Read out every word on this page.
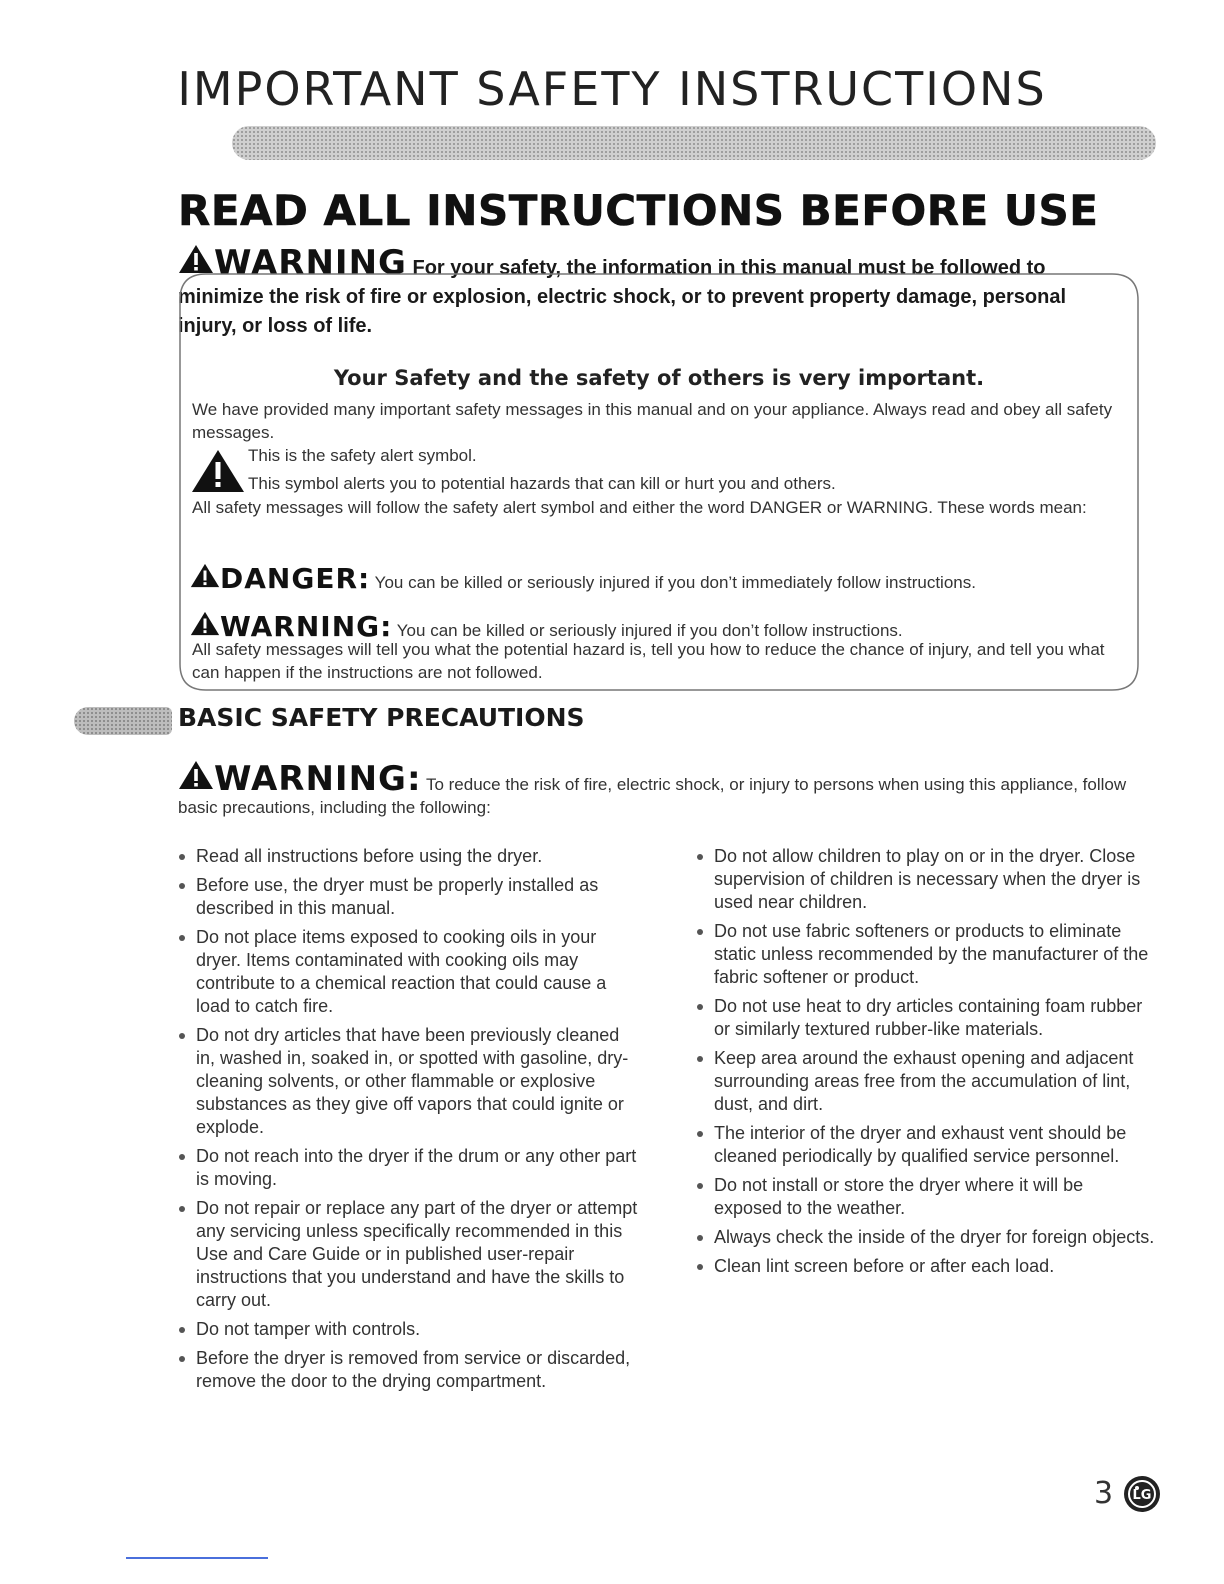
IMPORTANT SAFETY INSTRUCTIONS
READ ALL INSTRUCTIONS BEFORE USE
WARNING For your safety, the information in this manual must be followed to minimize the risk of fire or explosion, electric shock, or to prevent property damage, personal injury, or loss of life.
Your Safety and the safety of others is very important.
We have provided many important safety messages in this manual and on your appliance. Always read and obey all safety messages.
This is the safety alert symbol.
This symbol alerts you to potential hazards that can kill or hurt you and others.
All safety messages will follow the safety alert symbol and either the word DANGER or WARNING. These words mean:
DANGER: You can be killed or seriously injured if you don’t immediately follow instructions.
WARNING: You can be killed or seriously injured if you don’t follow instructions.
All safety messages will tell you what the potential hazard is, tell you how to reduce the chance of injury, and tell you what can happen if the instructions are not followed.
BASIC SAFETY PRECAUTIONS
WARNING: To reduce the risk of fire, electric shock, or injury to persons when using this appliance, follow basic precautions, including the following:
Read all instructions before using the dryer.
Before use, the dryer must be properly installed as described in this manual.
Do not place items exposed to cooking oils in your dryer. Items contaminated with cooking oils may contribute to a chemical reaction that could cause a load to catch fire.
Do not dry articles that have been previously cleaned in, washed in, soaked in, or spotted with gasoline, dry-cleaning solvents, or other flammable or explosive substances as they give off vapors that could ignite or explode.
Do not reach into the dryer if the drum or any other part is moving.
Do not repair or replace any part of the dryer or attempt any servicing unless specifically recommended in this Use and Care Guide or in published user-repair instructions that you understand and have the skills to carry out.
Do not tamper with controls.
Before the dryer is removed from service or discarded, remove the door to the drying compartment.
Do not allow children to play on or in the dryer. Close supervision of children is necessary when the dryer is used near children.
Do not use fabric softeners or products to eliminate static unless recommended by the manufacturer of the fabric softener or product.
Do not use heat to dry articles containing foam rubber or similarly textured rubber-like materials.
Keep area around the exhaust opening and adjacent surrounding areas free from the accumulation of lint, dust, and dirt.
The interior of the dryer and exhaust vent should be cleaned periodically by qualified service personnel.
Do not install or store the dryer where it will be exposed to the weather.
Always check the inside of the dryer for foreign objects.
Clean lint screen before or after each load.
3 LG
